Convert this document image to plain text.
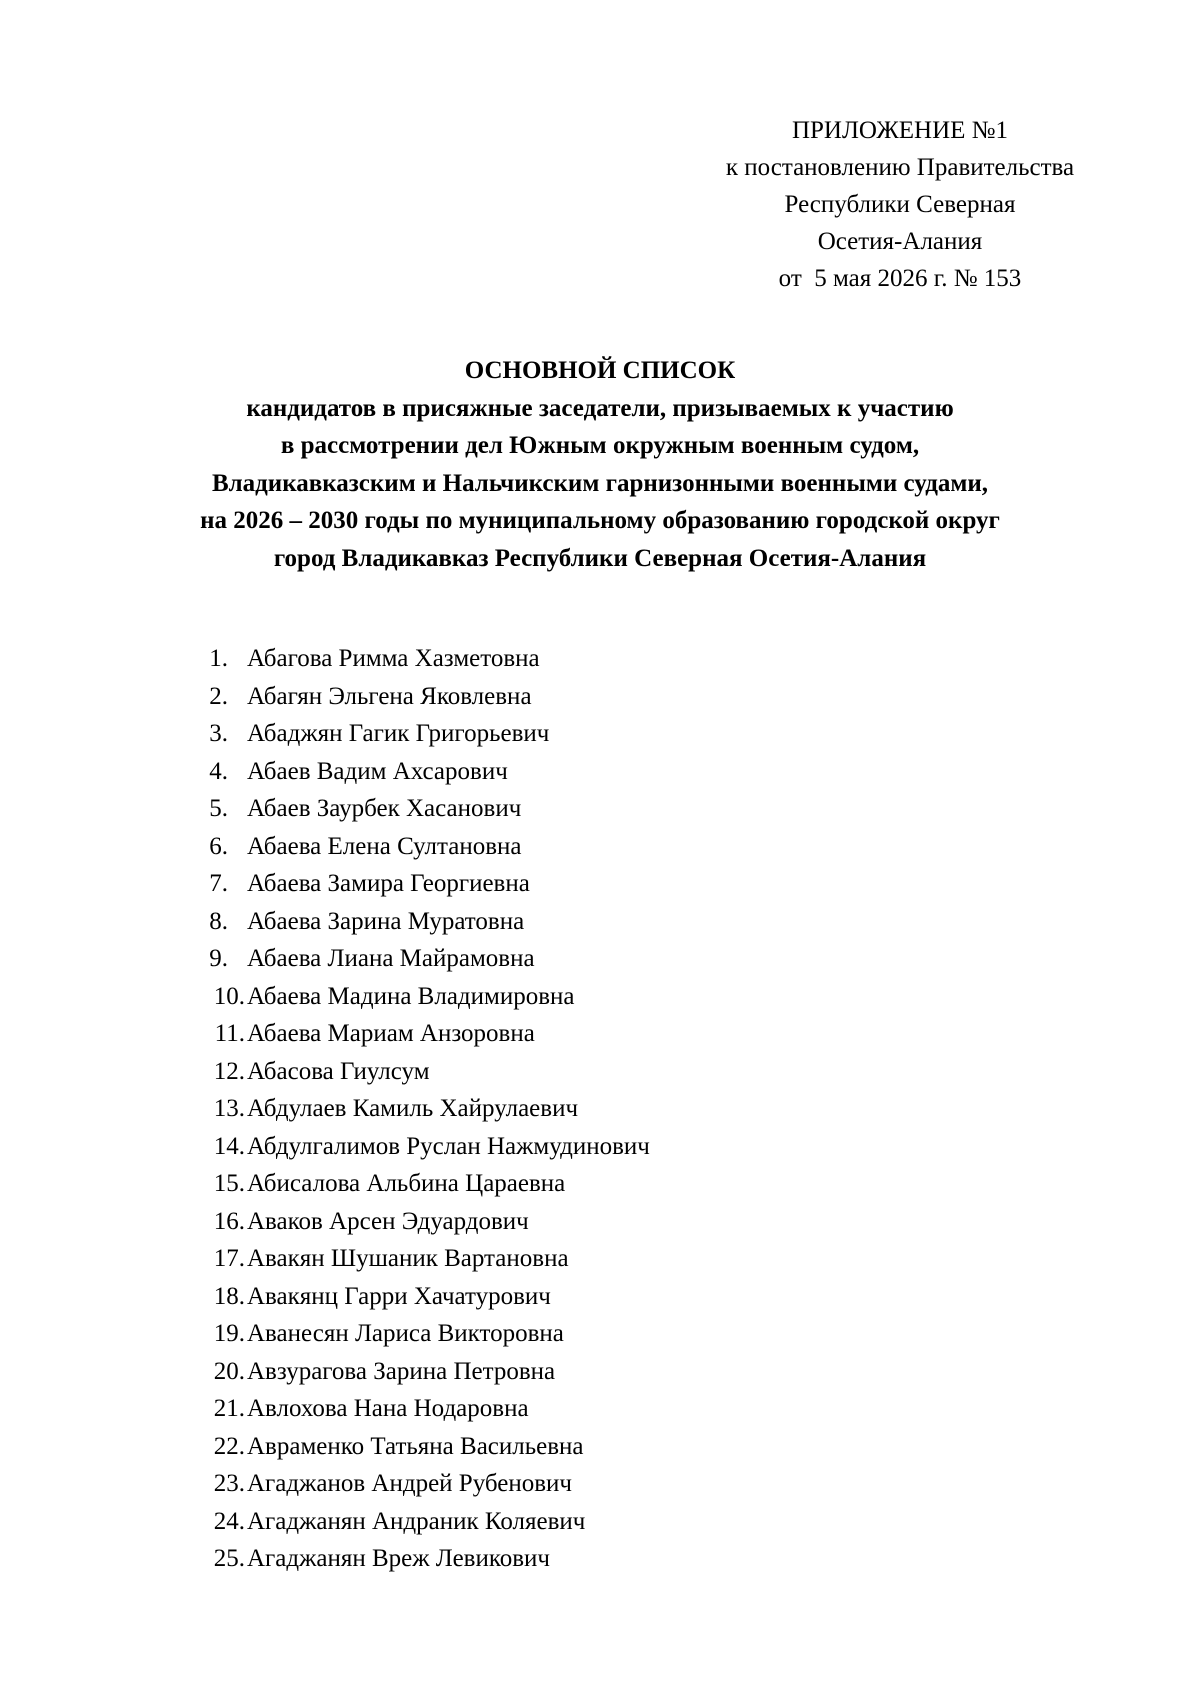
ПРИЛОЖЕНИЕ №1
к постановлению Правительства
Республики Северная
Осетия-Алания
от  5 мая 2026 г. № 153
ОСНОВНОЙ СПИСОК
кандидатов в присяжные заседатели, призываемых к участию
в рассмотрении дел Южным окружным военным судом,
Владикавказским и Нальчикским гарнизонными военными судами,
на 2026 – 2030 годы по муниципальному образованию городской округ
город Владикавказ Республики Северная Осетия-Алания
1. Абагова Римма Хазметовна
2. Абагян Эльгена Яковлевна
3. Абаджян Гагик Григорьевич
4. Абаев Вадим Ахсарович
5. Абаев Заурбек Хасанович
6. Абаева Елена Султановна
7. Абаева Замира Георгиевна
8. Абаева Зарина Муратовна
9. Абаева Лиана Майрамовна
10. Абаева Мадина Владимировна
11. Абаева Мариам Анзоровна
12. Абасова Гиулсум
13. Абдулаев Камиль Хайрулаевич
14. Абдулгалимов Руслан Нажмудинович
15. Абисалова Альбина Цараевна
16. Аваков Арсен Эдуардович
17. Авакян Шушаник Вартановна
18. Авакянц Гарри Хачатурович
19. Аванесян Лариса Викторовна
20. Авзурагова Зарина Петровна
21. Авлохова Нана Нодаровна
22. Авраменко Татьяна Васильевна
23. Агаджанов Андрей Рубенович
24. Агаджанян Андраник Коляевич
25. Агаджанян Вреж Левикович
